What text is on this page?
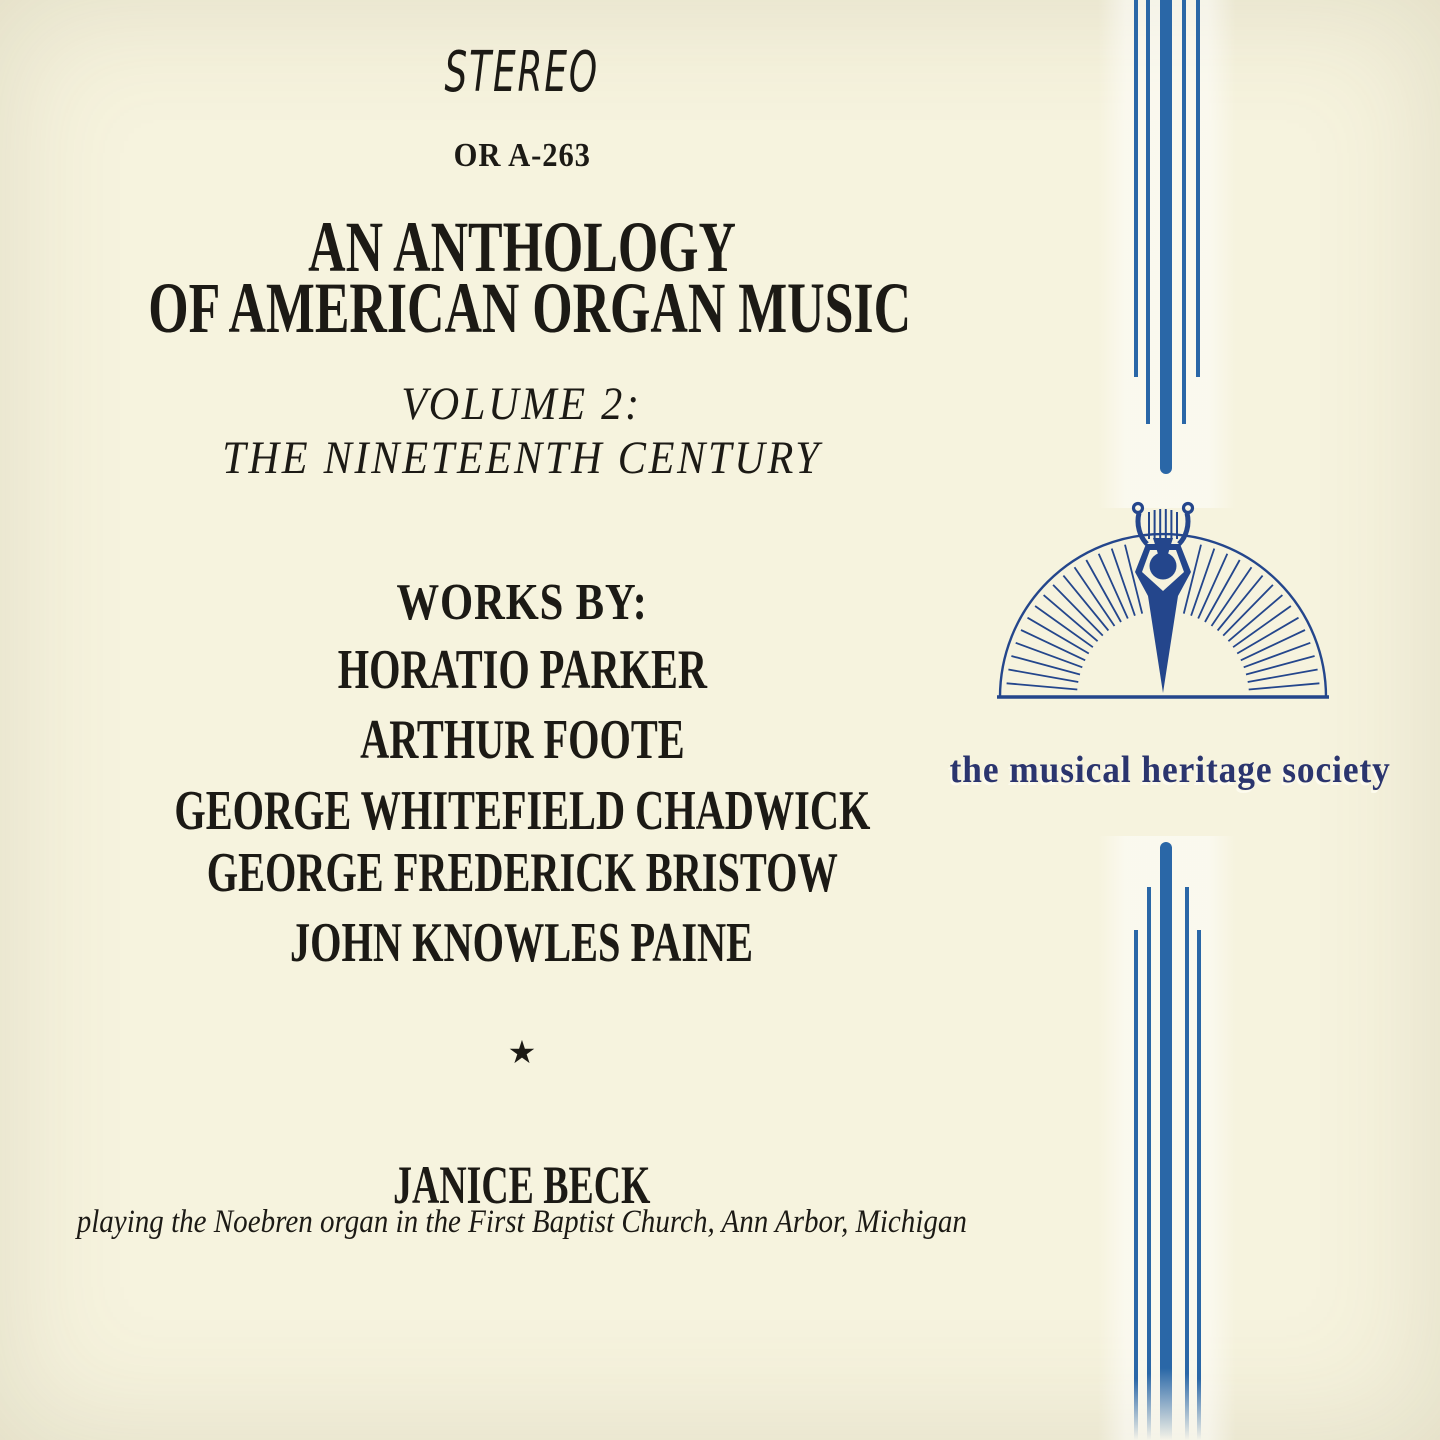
STEREO
OR A-263
AN ANTHOLOGY
OF AMERICAN ORGAN MUSIC
VOLUME 2:
THE NINETEENTH CENTURY
WORKS BY:
HORATIO PARKER
ARTHUR FOOTE
GEORGE WHITEFIELD CHADWICK
GEORGE FREDERICK BRISTOW
JOHN KNOWLES PAINE
★
JANICE BECK
playing the Noebren organ in the First Baptist Church, Ann Arbor, Michigan
the musical heritage society
